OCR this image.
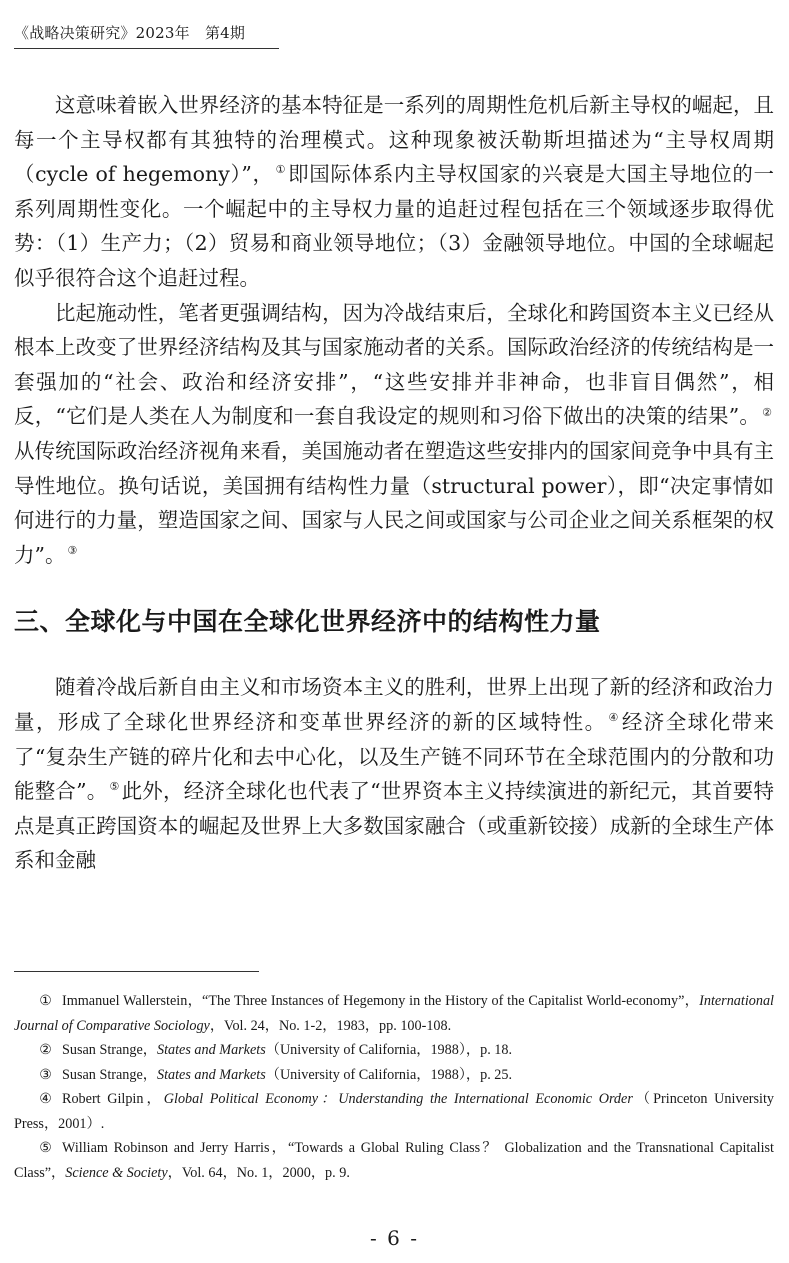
《战略决策研究》2023年　第4期

这意味着嵌入世界经济的基本特征是一系列的周期性危机后新主导权的崛起，且每一个主导权都有其独特的治理模式。这种现象被沃勒斯坦描述为“主导权周期（cycle of hegemony）”， ①即国际体系内主导权国家的兴衰是大国主导地位的一系列周期性变化。一个崛起中的主导权力量的追赶过程包括在三个领域逐步取得优势：（1）生产力；（2）贸易和商业领导地位；（3）金融领导地位。中国的全球崛起似乎很符合这个追赶过程。

比起施动性，笔者更强调结构，因为冷战结束后，全球化和跨国资本主义已经从根本上改变了世界经济结构及其与国家施动者的关系。国际政治经济的传统结构是一套强加的“社会、政治和经济安排”，“这些安排并非神命，也非盲目偶然”，相反，“它们是人类在人为制度和一套自我设定的规则和习俗下做出的决策的结果”。 ②从传统国际政治经济视角来看，美国施动者在塑造这些安排内的国家间竞争中具有主导性地位。换句话说，美国拥有结构性力量（structural power），即“决定事情如何进行的力量，塑造国家之间、国家与人民之间或国家与公司企业之间关系框架的权力”。 ③

三、全球化与中国在全球化世界经济中的结构性力量

随着冷战后新自由主义和市场资本主义的胜利，世界上出现了新的经济和政治力量，形成了全球化世界经济和变革世界经济的新的区域特性。 ④经济全球化带来了“复杂生产链的碎片化和去中心化，以及生产链不同环节在全球范围内的分散和功能整合”。 ⑤此外，经济全球化也代表了“世界资本主义持续演进的新纪元，其首要特点是真正跨国资本的崛起及世界上大多数国家融合（或重新铰接）成新的全球生产体系和金融

① Immanuel Wallerstein，“The Three Instances of Hegemony in the History of the Capitalist World-economy”，International Journal of Comparative Sociology，Vol. 24，No. 1-2，1983，pp. 100-108.

② Susan Strange，States and Markets（University of California，1988），p. 18.

③ Susan Strange，States and Markets（University of California，1988），p. 25.

④ Robert Gilpin，Global Political Economy：Understanding the International Economic Order（Princeton University Press，2001）.

⑤ William Robinson and Jerry Harris，“Towards a Global Ruling Class？ Globalization and the Transnational Capitalist Class”，Science & Society，Vol. 64，No. 1，2000，p. 9.

- 6 -
